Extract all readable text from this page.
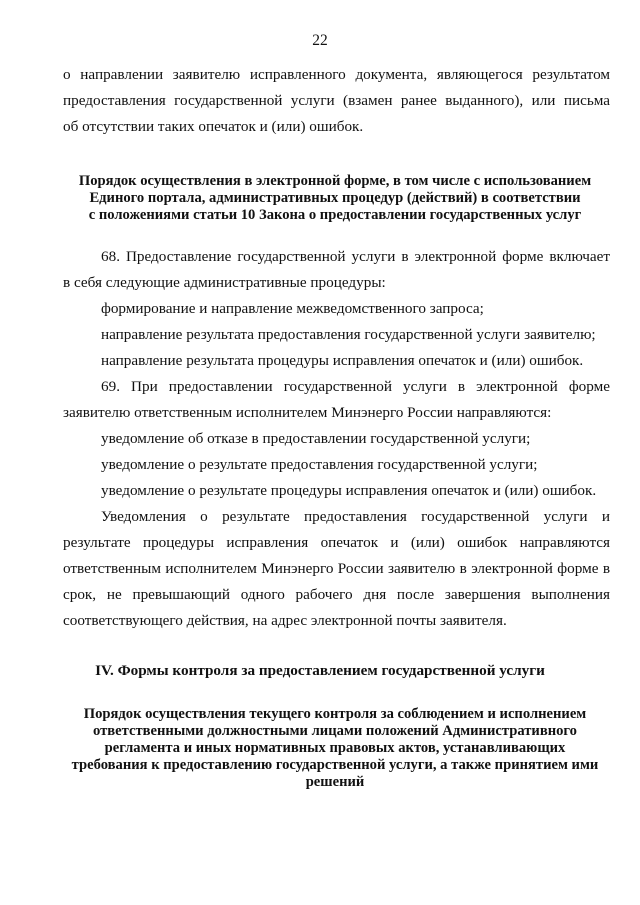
22
о направлении заявителю исправленного документа, являющегося результатом
предоставления государственной услуги (взамен ранее выданного), или письма
об отсутствии таких опечаток и (или) ошибок.
Порядок осуществления в электронной форме, в том числе с использованием
Единого портала, административных процедур (действий) в соответствии
с положениями статьи 10 Закона о предоставлении государственных услуг
68. Предоставление государственной услуги в электронной форме включает
в себя следующие административные процедуры:
формирование и направление межведомственного запроса;
направление результата предоставления государственной услуги заявителю;
направление результата процедуры исправления опечаток и (или) ошибок.
69. При предоставлении государственной услуги в электронной форме
заявителю ответственным исполнителем Минэнерго России направляются:
уведомление об отказе в предоставлении государственной услуги;
уведомление о результате предоставления государственной услуги;
уведомление о результате процедуры исправления опечаток и (или) ошибок.
Уведомления о результате предоставления государственной услуги и
результате процедуры исправления опечаток и (или) ошибок направляются
ответственным исполнителем Минэнерго России заявителю в электронной форме в
срок, не превышающий одного рабочего дня после завершения выполнения
соответствующего действия, на адрес электронной почты заявителя.
IV. Формы контроля за предоставлением государственной услуги
Порядок осуществления текущего контроля за соблюдением и исполнением
ответственными должностными лицами положений Административного
регламента и иных нормативных правовых актов, устанавливающих
требования к предоставлению государственной услуги, а также принятием ими
решений
